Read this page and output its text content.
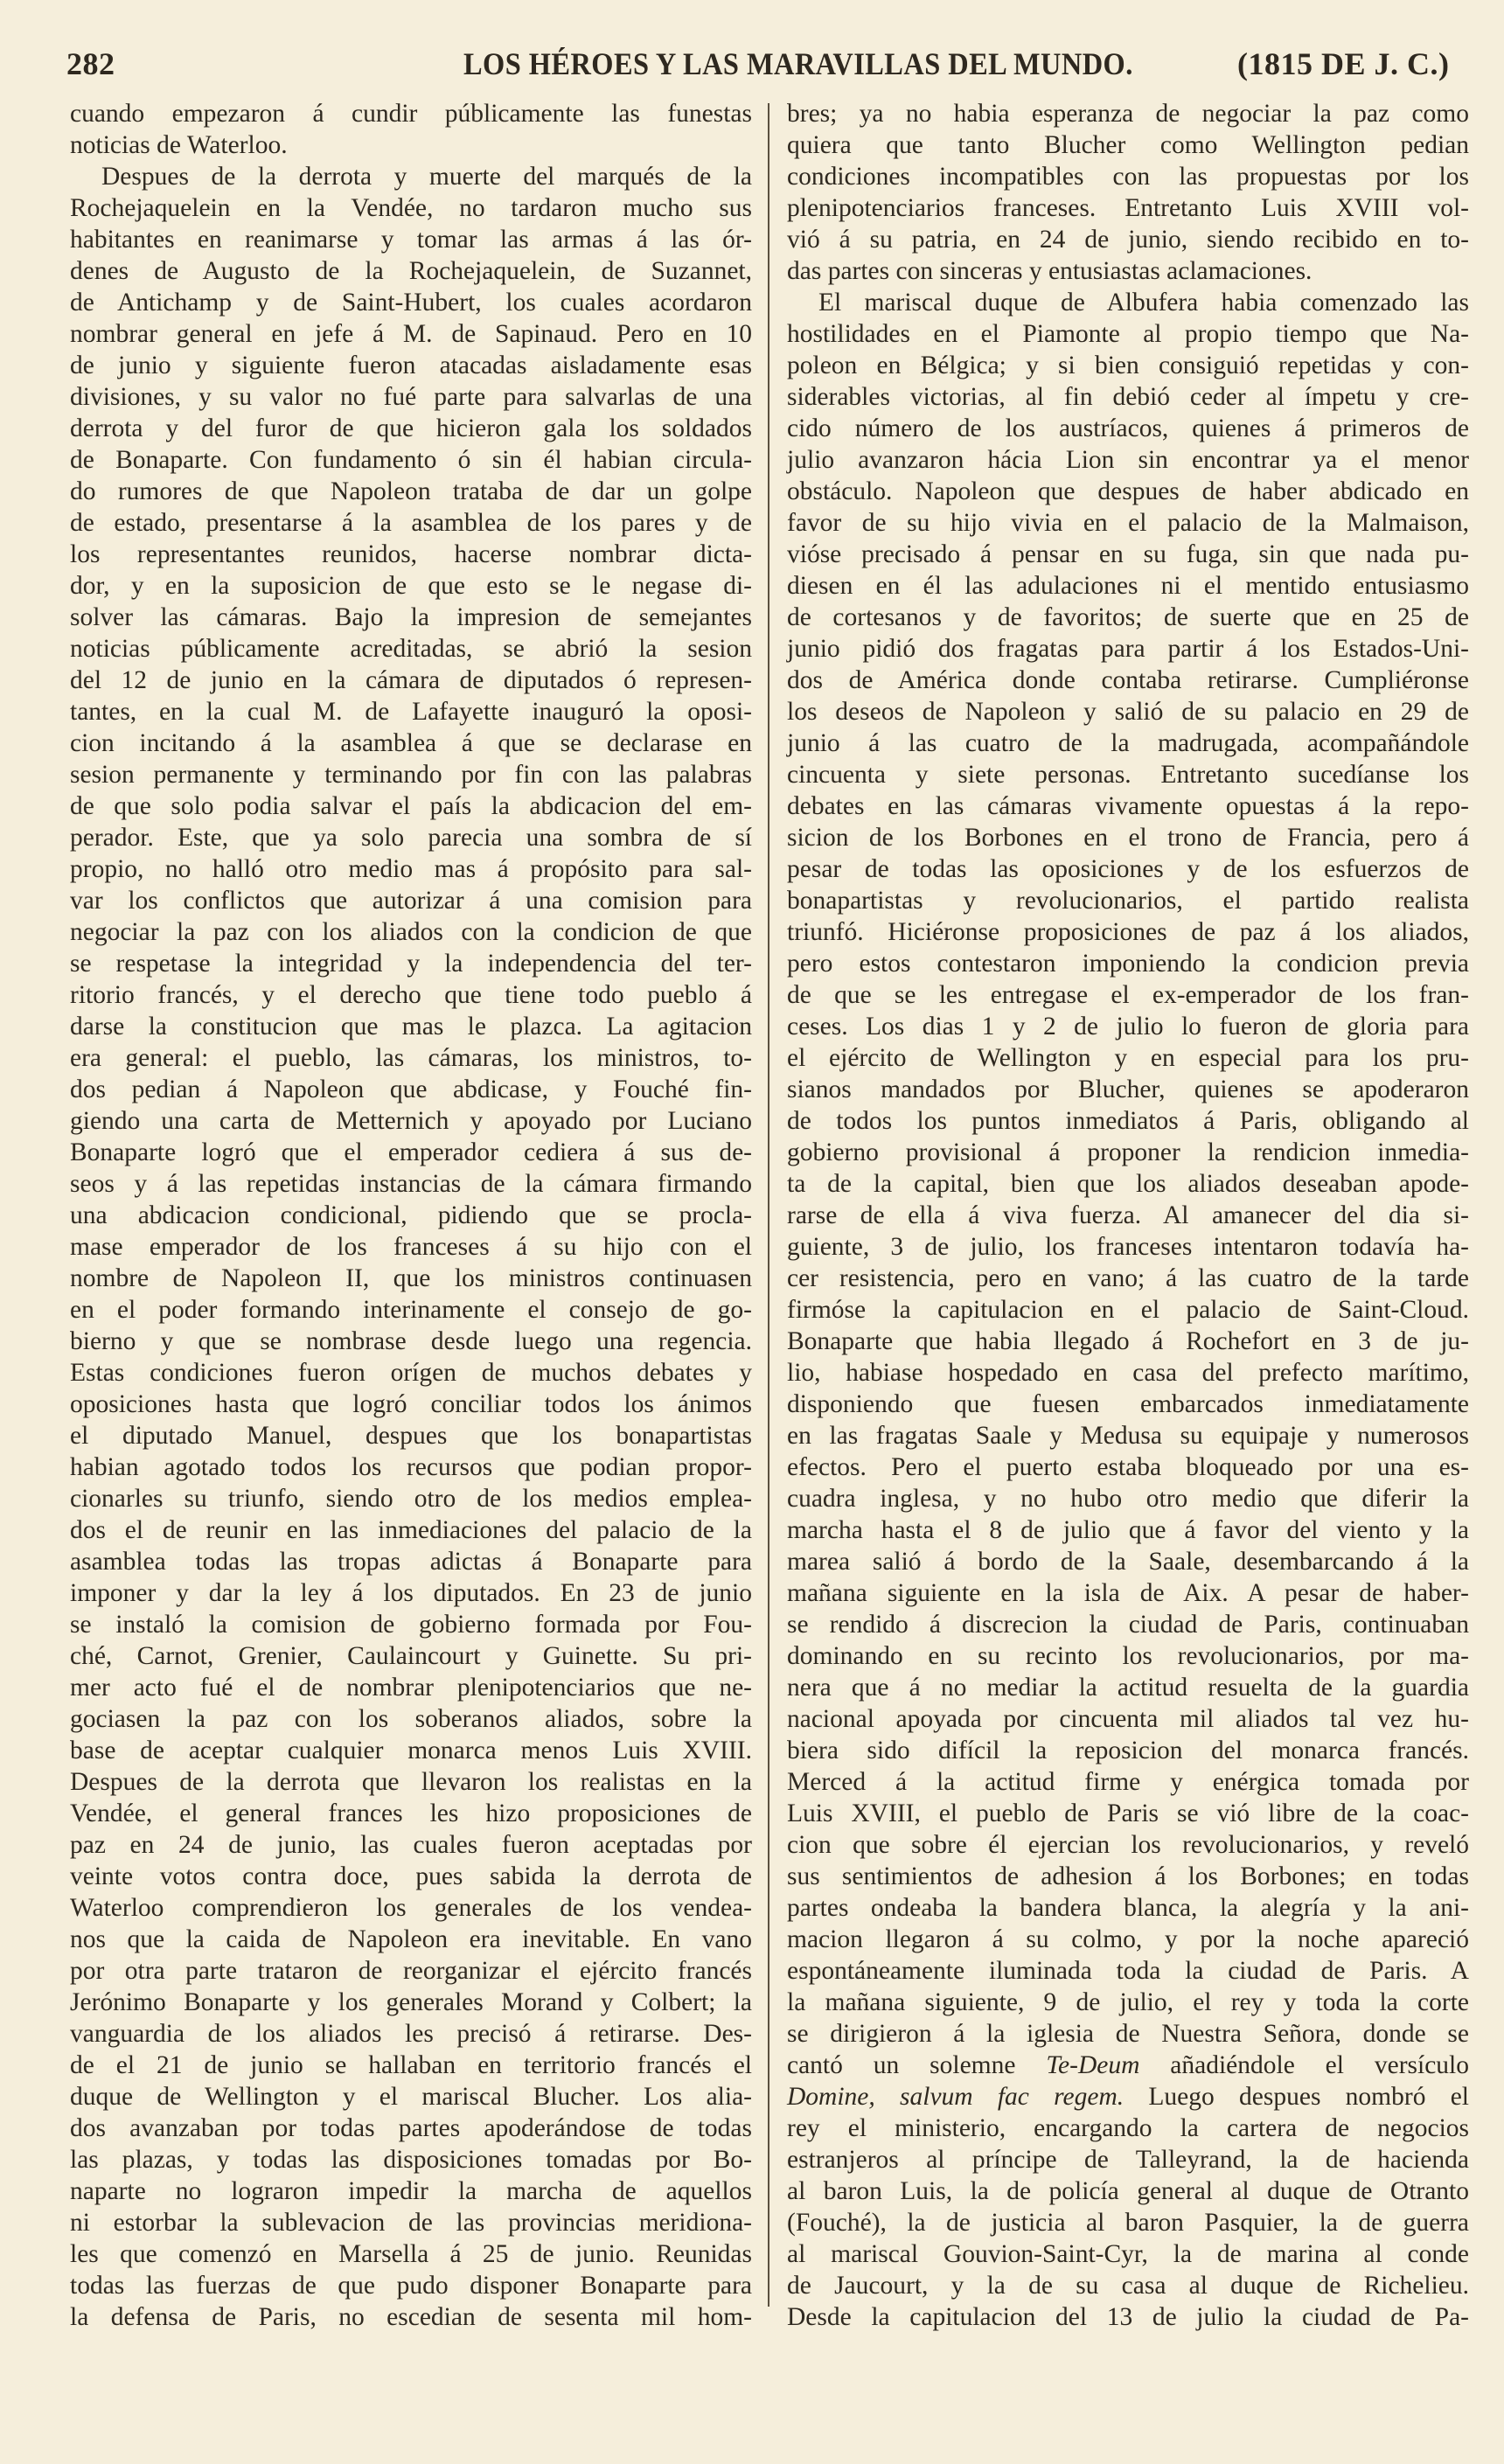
282	LOS HÉROES Y LAS MARAVILLAS DEL MUNDO.	(1815 DE J. C.)
cuando empezaron á cundir públicamente las funestas
noticias de Waterloo.
Despues de la derrota y muerte del marqués de la
Rochejaquelein en la Vendée, no tardaron mucho sus
habitantes en reanimarse y tomar las armas á las ór-
denes de Augusto de la Rochejaquelein, de Suzannet,
de Antichamp y de Saint-Hubert, los cuales acordaron
nombrar general en jefe á M. de Sapinaud. Pero en 10
de junio y siguiente fueron atacadas aisladamente esas
divisiones, y su valor no fué parte para salvarlas de una
derrota y del furor de que hicieron gala los soldados
de Bonaparte. Con fundamento ó sin él habian circula-
do rumores de que Napoleon trataba de dar un golpe
de estado, presentarse á la asamblea de los pares y de
los representantes reunidos, hacerse nombrar dicta-
dor, y en la suposicion de que esto se le negase di-
solver las cámaras. Bajo la impresion de semejantes
noticias públicamente acreditadas, se abrió la sesion
del 12 de junio en la cámara de diputados ó represen-
tantes, en la cual M. de Lafayette inauguró la oposi-
cion incitando á la asamblea á que se declarase en
sesion permanente y terminando por fin con las palabras
de que solo podia salvar el país la abdicacion del em-
perador. Este, que ya solo parecia una sombra de sí
propio, no halló otro medio mas á propósito para sal-
var los conflictos que autorizar á una comision para
negociar la paz con los aliados con la condicion de que
se respetase la integridad y la independencia del ter-
ritorio francés, y el derecho que tiene todo pueblo á
darse la constitucion que mas le plazca. La agitacion
era general: el pueblo, las cámaras, los ministros, to-
dos pedian á Napoleon que abdicase, y Fouché fin-
giendo una carta de Metternich y apoyado por Luciano
Bonaparte logró que el emperador cediera á sus de-
seos y á las repetidas instancias de la cámara firmando
una abdicacion condicional, pidiendo que se procla-
mase emperador de los franceses á su hijo con el
nombre de Napoleon II, que los ministros continuasen
en el poder formando interinamente el consejo de go-
bierno y que se nombrase desde luego una regencia.
Estas condiciones fueron orígen de muchos debates y
oposiciones hasta que logró conciliar todos los ánimos
el diputado Manuel, despues que los bonapartistas
habian agotado todos los recursos que podian propor-
cionarles su triunfo, siendo otro de los medios emplea-
dos el de reunir en las inmediaciones del palacio de la
asamblea todas las tropas adictas á Bonaparte para
imponer y dar la ley á los diputados. En 23 de junio
se instaló la comision de gobierno formada por Fou-
ché, Carnot, Grenier, Caulaincourt y Guinette. Su pri-
mer acto fué el de nombrar plenipotenciarios que ne-
gociasen la paz con los soberanos aliados, sobre la
base de aceptar cualquier monarca menos Luis XVIII.
Despues de la derrota que llevaron los realistas en la
Vendée, el general frances les hizo proposiciones de
paz en 24 de junio, las cuales fueron aceptadas por
veinte votos contra doce, pues sabida la derrota de
Waterloo comprendieron los generales de los vendea-
nos que la caida de Napoleon era inevitable. En vano
por otra parte trataron de reorganizar el ejército francés
Jerónimo Bonaparte y los generales Morand y Colbert; la
vanguardia de los aliados les precisó á retirarse. Des-
de el 21 de junio se hallaban en territorio francés el
duque de Wellington y el mariscal Blucher. Los alia-
dos avanzaban por todas partes apoderándose de todas
las plazas, y todas las disposiciones tomadas por Bo-
naparte no lograron impedir la marcha de aquellos
ni estorbar la sublevacion de las provincias meridiona-
les que comenzó en Marsella á 25 de junio. Reunidas
todas las fuerzas de que pudo disponer Bonaparte para
la defensa de Paris, no escedian de sesenta mil hom-
bres; ya no habia esperanza de negociar la paz como
quiera que tanto Blucher como Wellington pedian
condiciones incompatibles con las propuestas por los
plenipotenciarios franceses. Entretanto Luis XVIII vol-
vió á su patria, en 24 de junio, siendo recibido en to-
das partes con sinceras y entusiastas aclamaciones.
El mariscal duque de Albufera habia comenzado las
hostilidades en el Piamonte al propio tiempo que Na-
poleon en Bélgica; y si bien consiguió repetidas y con-
siderables victorias, al fin debió ceder al ímpetu y cre-
cido número de los austríacos, quienes á primeros de
julio avanzaron hácia Lion sin encontrar ya el menor
obstáculo. Napoleon que despues de haber abdicado en
favor de su hijo vivia en el palacio de la Malmaison,
vióse precisado á pensar en su fuga, sin que nada pu-
diesen en él las adulaciones ni el mentido entusiasmo
de cortesanos y de favoritos; de suerte que en 25 de
junio pidió dos fragatas para partir á los Estados-Uni-
dos de América donde contaba retirarse. Cumpliéronse
los deseos de Napoleon y salió de su palacio en 29 de
junio á las cuatro de la madrugada, acompañándole
cincuenta y siete personas. Entretanto sucedíanse los
debates en las cámaras vivamente opuestas á la repo-
sicion de los Borbones en el trono de Francia, pero á
pesar de todas las oposiciones y de los esfuerzos de
bonapartistas y revolucionarios, el partido realista
triunfó. Hiciéronse proposiciones de paz á los aliados,
pero estos contestaron imponiendo la condicion previa
de que se les entregase el ex-emperador de los fran-
ceses. Los dias 1 y 2 de julio lo fueron de gloria para
el ejército de Wellington y en especial para los pru-
sianos mandados por Blucher, quienes se apoderaron
de todos los puntos inmediatos á Paris, obligando al
gobierno provisional á proponer la rendicion inmedia-
ta de la capital, bien que los aliados deseaban apode-
rarse de ella á viva fuerza. Al amanecer del dia si-
guiente, 3 de julio, los franceses intentaron todavía ha-
cer resistencia, pero en vano; á las cuatro de la tarde
firmóse la capitulacion en el palacio de Saint-Cloud.
Bonaparte que habia llegado á Rochefort en 3 de ju-
lio, habiase hospedado en casa del prefecto marítimo,
disponiendo que fuesen embarcados inmediatamente
en las fragatas Saale y Medusa su equipaje y numerosos
efectos. Pero el puerto estaba bloqueado por una es-
cuadra inglesa, y no hubo otro medio que diferir la
marcha hasta el 8 de julio que á favor del viento y la
marea salió á bordo de la Saale, desembarcando á la
mañana siguiente en la isla de Aix. A pesar de haber-
se rendido á discrecion la ciudad de Paris, continuaban
dominando en su recinto los revolucionarios, por ma-
nera que á no mediar la actitud resuelta de la guardia
nacional apoyada por cincuenta mil aliados tal vez hu-
biera sido difícil la reposicion del monarca francés.
Merced á la actitud firme y enérgica tomada por
Luis XVIII, el pueblo de Paris se vió libre de la coac-
cion que sobre él ejercian los revolucionarios, y reveló
sus sentimientos de adhesion á los Borbones; en todas
partes ondeaba la bandera blanca, la alegría y la ani-
macion llegaron á su colmo, y por la noche apareció
espontáneamente iluminada toda la ciudad de Paris. A
la mañana siguiente, 9 de julio, el rey y toda la corte
se dirigieron á la iglesia de Nuestra Señora, donde se
cantó un solemne Te-Deum añadiéndole el versículo
Domine, salvum fac regem. Luego despues nombró el
rey el ministerio, encargando la cartera de negocios
estranjeros al príncipe de Talleyrand, la de hacienda
al baron Luis, la de policía general al duque de Otranto
(Fouché), la de justicia al baron Pasquier, la de guerra
al mariscal Gouvion-Saint-Cyr, la de marina al conde
de Jaucourt, y la de su casa al duque de Richelieu.
Desde la capitulacion del 13 de julio la ciudad de Pa-
